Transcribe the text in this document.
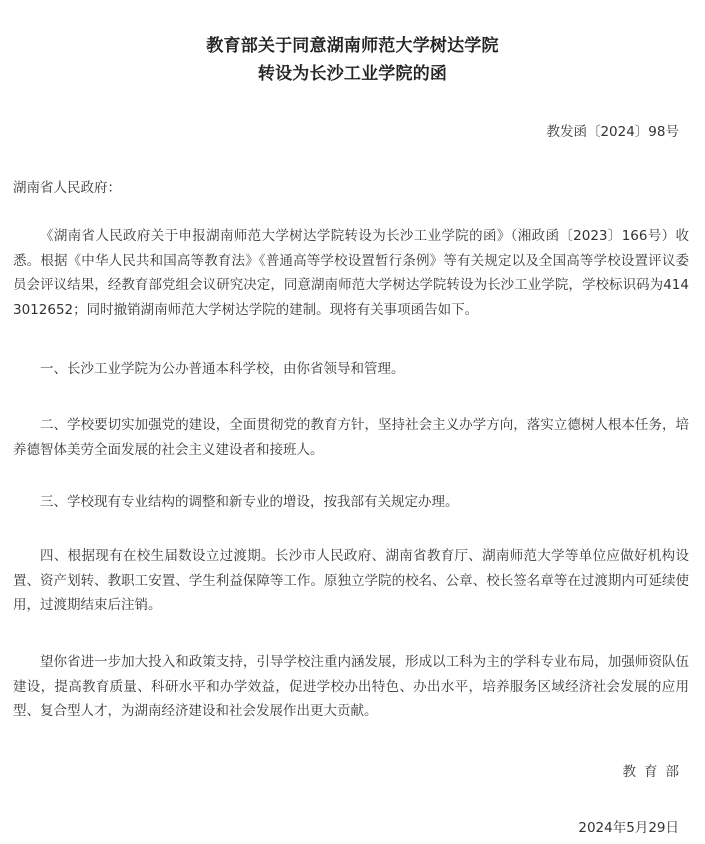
教育部关于同意湖南师范大学树达学院
转设为长沙工业学院的函
教发函〔2024〕98号
湖南省人民政府：
《湖南省人民政府关于申报湖南师范大学树达学院转设为长沙工业学院的函》（湘政函〔2023〕166号）收悉。根据《中华人民共和国高等教育法》《普通高等学校设置暂行条例》等有关规定以及全国高等学校设置评议委员会评议结果，经教育部党组会议研究决定，同意湖南师范大学树达学院转设为长沙工业学院，学校标识码为4143012652；同时撤销湖南师范大学树达学院的建制。现将有关事项函告如下。
一、长沙工业学院为公办普通本科学校，由你省领导和管理。
二、学校要切实加强党的建设，全面贯彻党的教育方针，坚持社会主义办学方向，落实立德树人根本任务，培养德智体美劳全面发展的社会主义建设者和接班人。
三、学校现有专业结构的调整和新专业的增设，按我部有关规定办理。
四、根据现有在校生届数设立过渡期。长沙市人民政府、湖南省教育厅、湖南师范大学等单位应做好机构设置、资产划转、教职工安置、学生利益保障等工作。原独立学院的校名、公章、校长签名章等在过渡期内可延续使用，过渡期结束后注销。
望你省进一步加大投入和政策支持，引导学校注重内涵发展，形成以工科为主的学科专业布局，加强师资队伍建设，提高教育质量、科研水平和办学效益，促进学校办出特色、办出水平，培养服务区域经济社会发展的应用型、复合型人才，为湖南经济建设和社会发展作出更大贡献。
教育部
2024年5月29日
